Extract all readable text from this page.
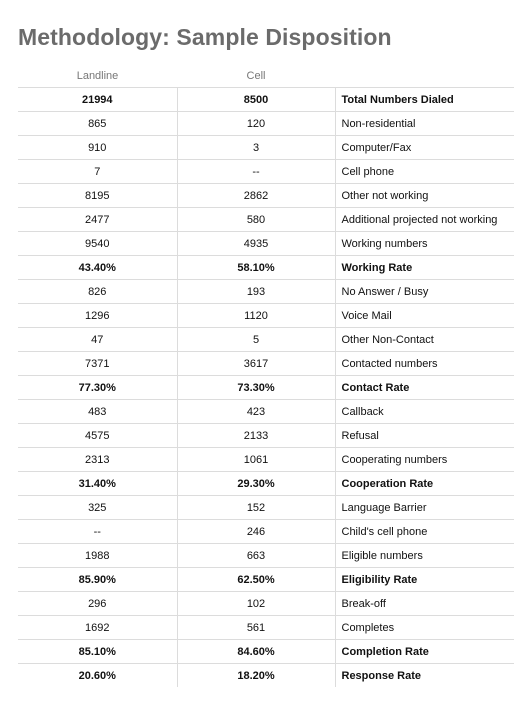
Methodology: Sample Disposition
Landline	Cell	
21994	8500	Total Numbers Dialed
865	120	Non-residential
910	3	Computer/Fax
7	--	Cell phone
8195	2862	Other not working
2477	580	Additional projected not working
9540	4935	Working numbers
43.40%	58.10%	Working Rate
826	193	No Answer / Busy
1296	1120	Voice Mail
47	5	Other Non-Contact
7371	3617	Contacted numbers
77.30%	73.30%	Contact Rate
483	423	Callback
4575	2133	Refusal
2313	1061	Cooperating numbers
31.40%	29.30%	Cooperation Rate
325	152	Language Barrier
--	246	Child's cell phone
1988	663	Eligible numbers
85.90%	62.50%	Eligibility Rate
296	102	Break-off
1692	561	Completes
85.10%	84.60%	Completion Rate
20.60%	18.20%	Response Rate
